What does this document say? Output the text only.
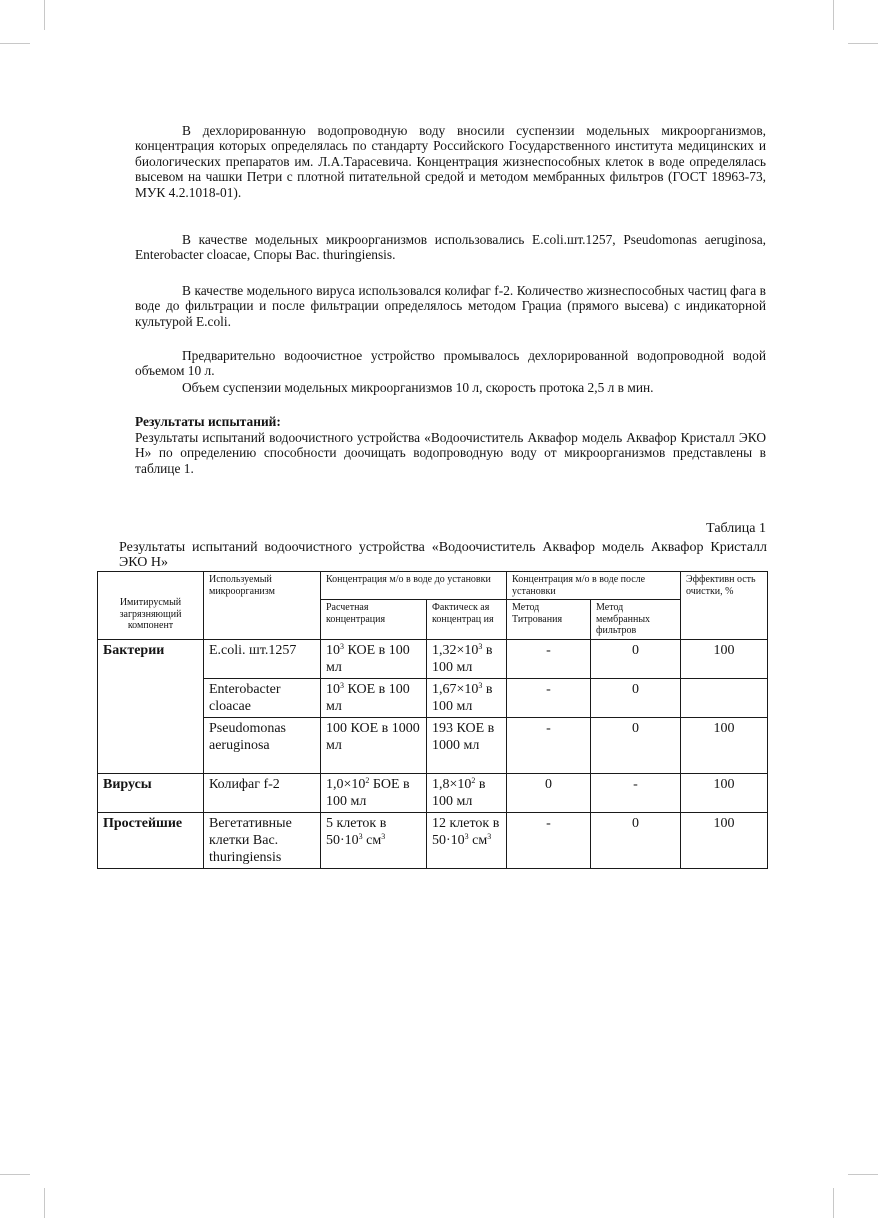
В дехлорированную водопроводную воду вносили суспензии модельных микроорганизмов, концентрация которых определялась по стандарту Российского Государственного института медицинских и биологических препаратов им. Л.А.Тарасевича. Концентрация жизнеспособных клеток в воде определялась высевом на чашки Петри с плотной питательной средой и методом мембранных фильтров (ГОСТ 18963-73, МУК 4.2.1018-01).

В качестве модельных микроорганизмов использовались E.coli.шт.1257, Pseudomonas aeruginosa, Enterobacter cloacae, Споры Bac. thuringiensis.

В качестве модельного вируса использовался колифаг f-2. Количество жизнеспособных частиц фага в воде до фильтрации и после фильтрации определялось методом Грациа (прямого высева) с индикаторной культурой E.coli.

Предварительно водоочистное устройство промывалось дехлорированной водопроводной водой объемом 10 л.

Объем суспензии модельных микроорганизмов 10 л, скорость протока 2,5 л в мин.

Результаты испытаний:

Результаты испытаний водоочистного устройства «Водоочиститель Аквафор модель Аквафор Кристалл ЭКО Н» по определению способности доочищать водопроводную воду от микроорганизмов представлены в таблице 1.

Таблица 1

Результаты испытаний водоочистного устройства «Водоочиститель Аквафор модель Аквафор Кристалл ЭКО Н»

Имитирусмый загрязняющий компонент	Используемый микроорганизм	Концентрация м/о в воде до установки		Концентрация м/о в воде после установки		Эффективн ость очистки, %
		Расчетная концентрация	Фактическ ая концентрац ия	Метод Титрования	Метод мембранных фильтров	
Бактерии	E.coli. шт.1257	$10^3$ КОЕ в 100 мл	$1,32\times 10^3$ в 100 мл	-	0	100
	Enterobacter cloacae	$10^3$ КОЕ в 100 мл	$1,67\times 10^3$ в 100 мл	-	0	
	Pseudomonas aeruginosa	100 КОЕ в 1000 мл	193 КОЕ в 1000 мл	-	0	100
Вирусы	Колифаг f-2	$1,0\times 10^2$ БОЕ в 100 мл	$1,8\times 10^2$ в 100 мл	0	-	100
Простейшие	Вегетативные клетки Bac. thuringiensis	5 клеток в $50\cdot 10^3$ $см^3$	12 клеток в $50\cdot 10^3$ $см^3$	-	0	100
